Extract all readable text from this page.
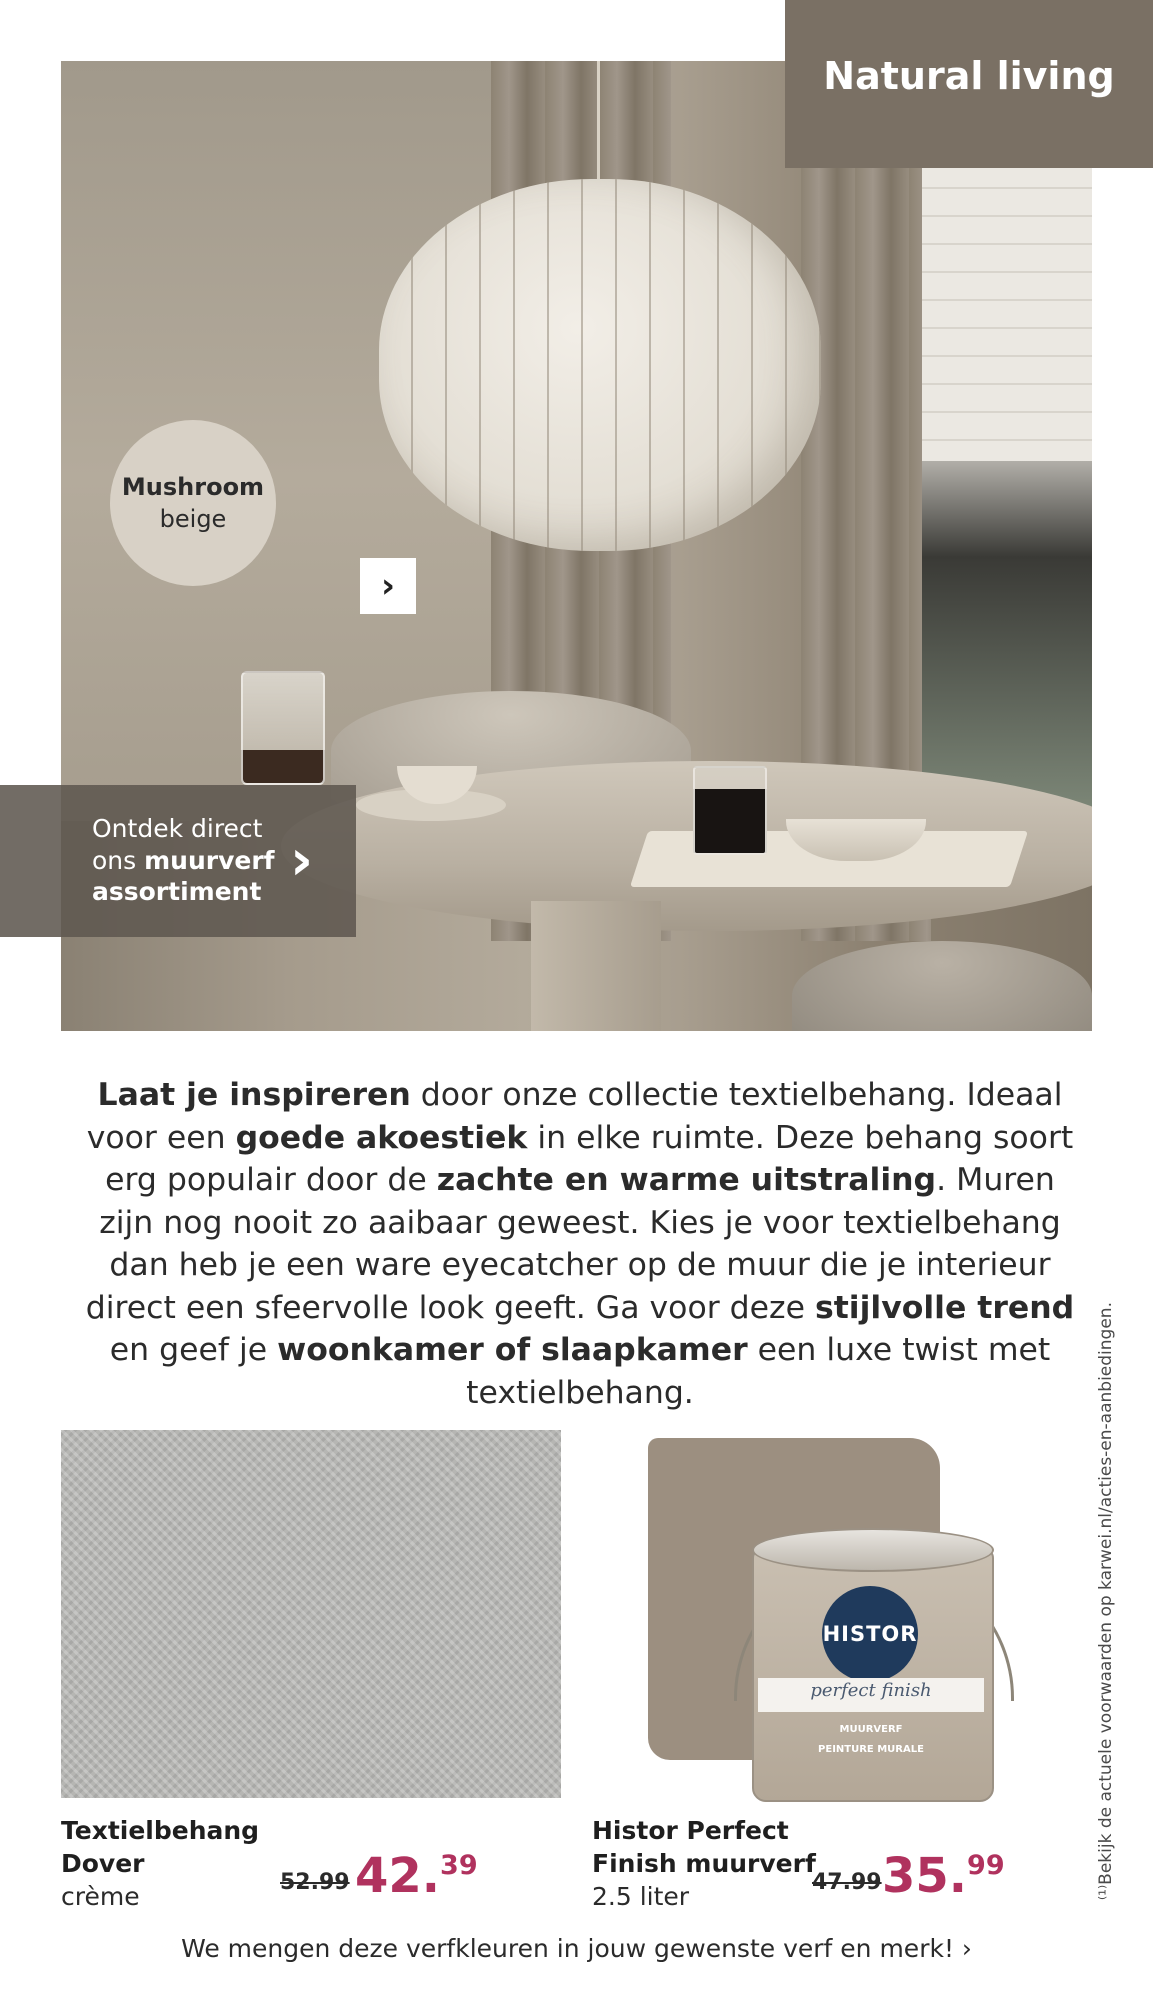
Natural living
Mushroom
beige
›
Ontdek direct
ons muurverf
assortiment ›
Laat je inspireren door onze collectie textielbehang. Ideaal voor een goede akoestiek in elke ruimte. Deze behang soort erg populair door de zachte en warme uitstraling. Muren zijn nog nooit zo aaibaar geweest. Kies je voor textielbehang dan heb je een ware eyecatcher op de muur die je interieur direct een sfeervolle look geeft. Ga voor deze stijlvolle trend en geef je woonkamer of slaapkamer een luxe twist met textielbehang.	⁽¹⁾Bekijk de actuele voorwaarden op karwei.nl/acties-en-aanbiedingen.
Textielbehang
Dover
crème	52.99 42.39
HISTOR
perfect finish
MUURVERF
PEINTURE MURALE
Histor Perfect
Finish muurverf
2.5 liter	47.99 35.99
We mengen deze verfkleuren in jouw gewenste verf en merk! ›
